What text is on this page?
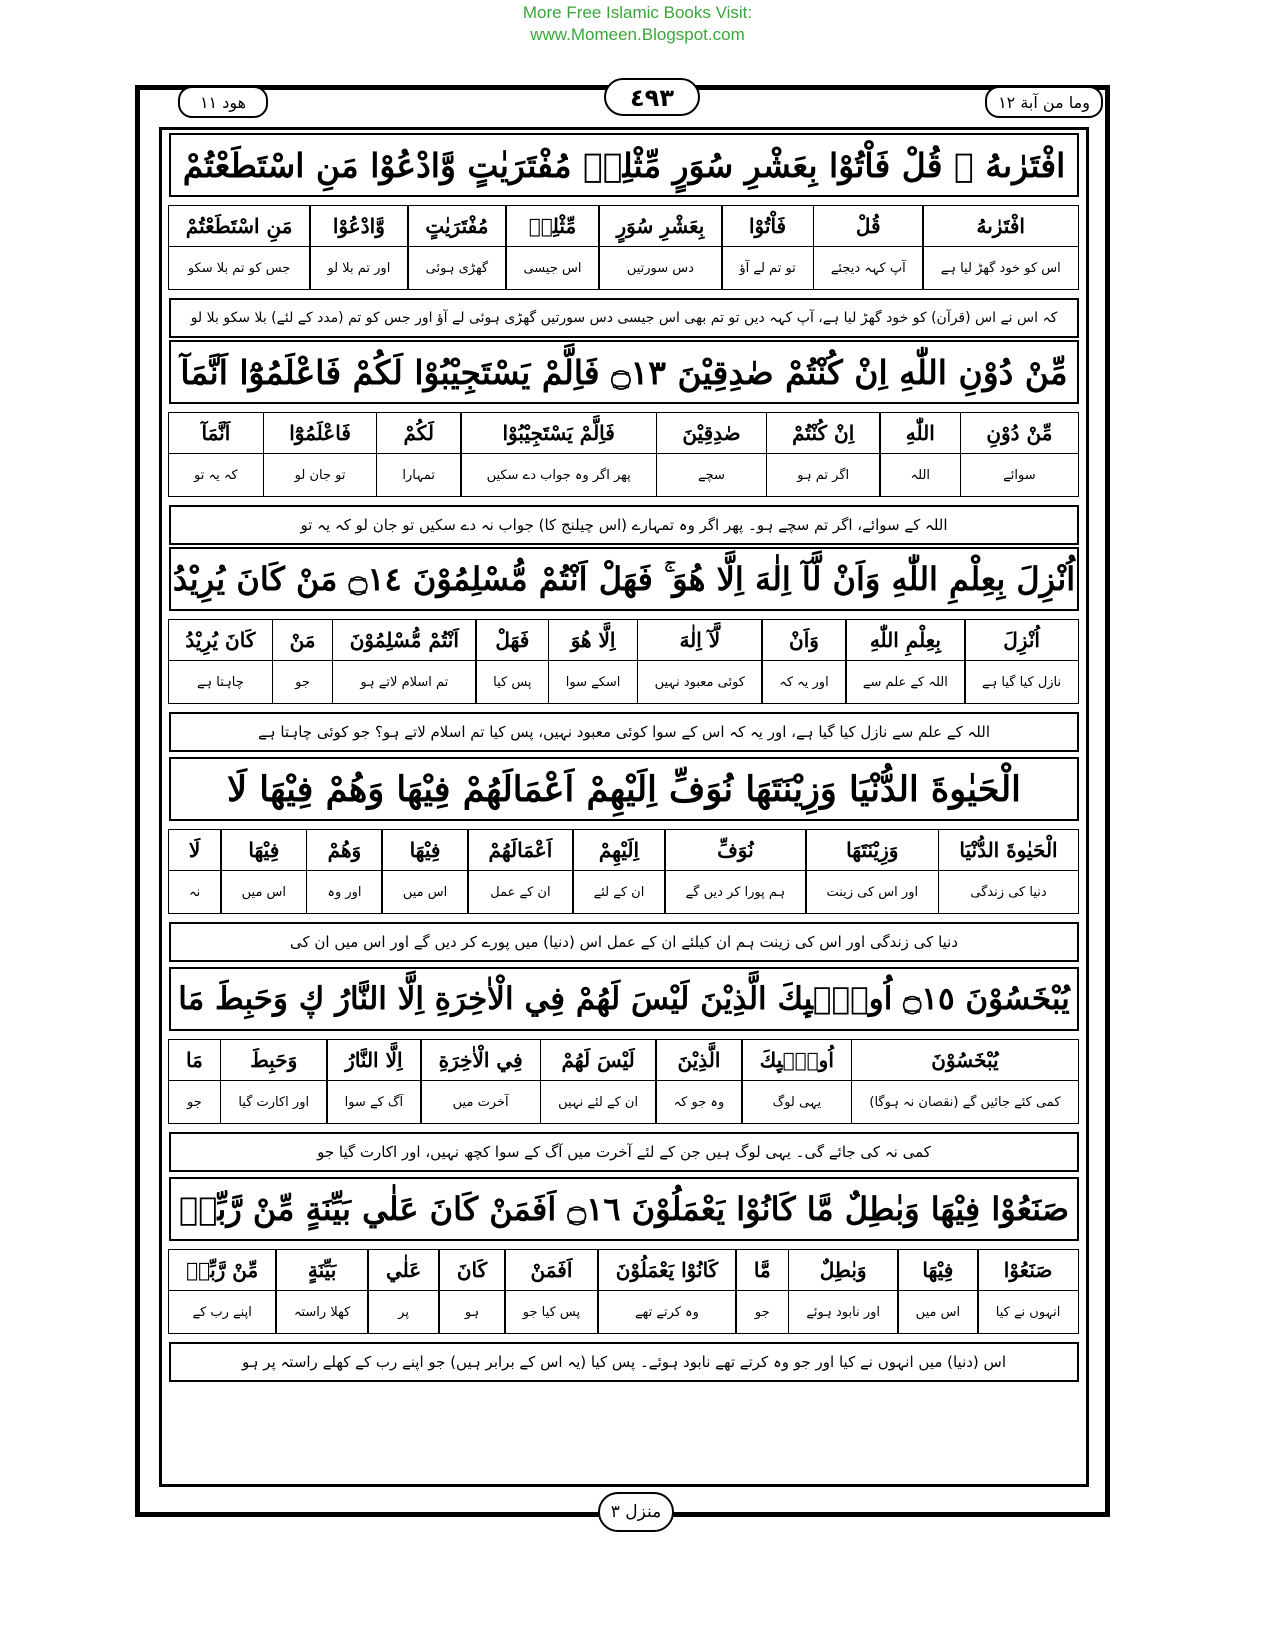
More Free Islamic Books Visit:
www.Momeen.Blogspot.com
وما من آبة ١٢
٤٩٣
هود ١١
افْتَرٰىهُ ۭ قُلْ فَاْتُوْا بِعَشْرِ سُوَرٍ مِّثْلِهٖ مُفْتَرَيٰتٍ وَّادْعُوْا مَنِ اسْتَطَعْتُمْ
افْتَرٰىهُ
اس کو خود گھڑ لیا ہے
قُلْ
آپ کہہ دیجئے
فَاْتُوْا
تو تم لے آؤ
بِعَشْرِ سُوَرٍ
دس سورتیں
مِّثْلِهٖ
اس جیسی
مُفْتَرَيٰتٍ
گھڑی ہوئی
وَّادْعُوْا
اور تم بلا لو
مَنِ اسْتَطَعْتُمْ
جس کو تم بلا سکو
کہ اس نے اس (قرآن) کو خود گھڑ لیا ہے، آپ کہہ دیں تو تم بھی اس جیسی دس سورتیں گھڑی ہوئی لے آؤ اور جس کو تم (مدد کے لئے) بلا سکو بلا لو
مِّنْ دُوْنِ اللّٰهِ اِنْ كُنْتُمْ صٰدِقِيْنَ ۝١٣ فَاِلَّمْ يَسْتَجِيْبُوْا لَكُمْ فَاعْلَمُوْٓا اَنَّمَآ
مِّنْ دُوْنِ
سوائے
اللّٰهِ
اللہ
اِنْ كُنْتُمْ
اگر تم ہو
صٰدِقِيْنَ
سچے
فَاِلَّمْ يَسْتَجِيْبُوْا
پھر اگر وہ جواب دے سکیں
لَكُمْ
تمہارا
فَاعْلَمُوْٓا
تو جان لو
اَنَّمَآ
کہ یہ تو
اللہ کے سوائے، اگر تم سچے ہو۔ پھر اگر وہ تمہارے (اس چیلنج کا) جواب نہ دے سکیں تو جان لو کہ یہ تو
اُنْزِلَ بِعِلْمِ اللّٰهِ وَاَنْ لَّآ اِلٰهَ اِلَّا هُوَ ۚ فَهَلْ اَنْتُمْ مُّسْلِمُوْنَ ۝١٤ مَنْ كَانَ يُرِيْدُ
اُنْزِلَ
نازل کیا گیا ہے
بِعِلْمِ اللّٰهِ
اللہ کے علم سے
وَاَنْ
اور یہ کہ
لَّآ اِلٰهَ
کوئی معبود نہیں
اِلَّا هُوَ
اسکے سوا
فَهَلْ
پس کیا
اَنْتُمْ مُّسْلِمُوْنَ
تم اسلام لاتے ہو
مَنْ
جو
كَانَ يُرِيْدُ
چاہتا ہے
اللہ کے علم سے نازل کیا گیا ہے، اور یہ کہ اس کے سوا کوئی معبود نہیں، پس کیا تم اسلام لاتے ہو؟ جو کوئی چاہتا ہے
الْحَيٰوةَ الدُّنْيَا وَزِيْنَتَهَا نُوَفِّ اِلَيْهِمْ اَعْمَالَهُمْ فِيْهَا وَهُمْ فِيْهَا لَا
الْحَيٰوةَ الدُّنْيَا
دنیا کی زندگی
وَزِيْنَتَهَا
اور اس کی زینت
نُوَفِّ
ہم پورا کر دیں گے
اِلَيْهِمْ
ان کے لئے
اَعْمَالَهُمْ
ان کے عمل
فِيْهَا
اس میں
وَهُمْ
اور وہ
فِيْهَا
اس میں
لَا
نہ
دنیا کی زندگی اور اس کی زینت ہم ان کیلئے ان کے عمل اس (دنیا) میں پورے کر دیں گے اور اس میں ان کی
يُبْخَسُوْنَ ۝١٥ اُولٰۗىِٕكَ الَّذِيْنَ لَيْسَ لَهُمْ فِي الْاٰخِرَةِ اِلَّا النَّارُ ڮ وَحَبِطَ مَا
يُبْخَسُوْنَ
کمی کئے جائیں گے (نقصان نہ ہوگا)
اُولٰۗىِٕكَ
یہی لوگ
الَّذِيْنَ
وہ جو کہ
لَيْسَ لَهُمْ
ان کے لئے نہیں
فِي الْاٰخِرَةِ
آخرت میں
اِلَّا النَّارُ
آگ کے سوا
وَحَبِطَ
اور اکارت گیا
مَا
جو
کمی نہ کی جائے گی۔ یہی لوگ ہیں جن کے لئے آخرت میں آگ کے سوا کچھ نہیں، اور اکارت گیا جو
صَنَعُوْا فِيْهَا وَبٰطِلٌ مَّا كَانُوْا يَعْمَلُوْنَ ۝١٦ اَفَمَنْ كَانَ عَلٰي بَيِّنَةٍ مِّنْ رَّبِّهٖ
صَنَعُوْا
انہوں نے کیا
فِيْهَا
اس میں
وَبٰطِلٌ
اور نابود ہوئے
مَّا
جو
كَانُوْا يَعْمَلُوْنَ
وہ کرتے تھے
اَفَمَنْ
پس کیا جو
كَانَ
ہو
عَلٰي
پر
بَيِّنَةٍ
کھلا راستہ
مِّنْ رَّبِّهٖ
اپنے رب کے
اس (دنیا) میں انہوں نے کیا اور جو وہ کرتے تھے نابود ہوئے۔ پس کیا (یہ اس کے برابر ہیں) جو اپنے رب کے کھلے راستہ پر ہو
منزل ٣
